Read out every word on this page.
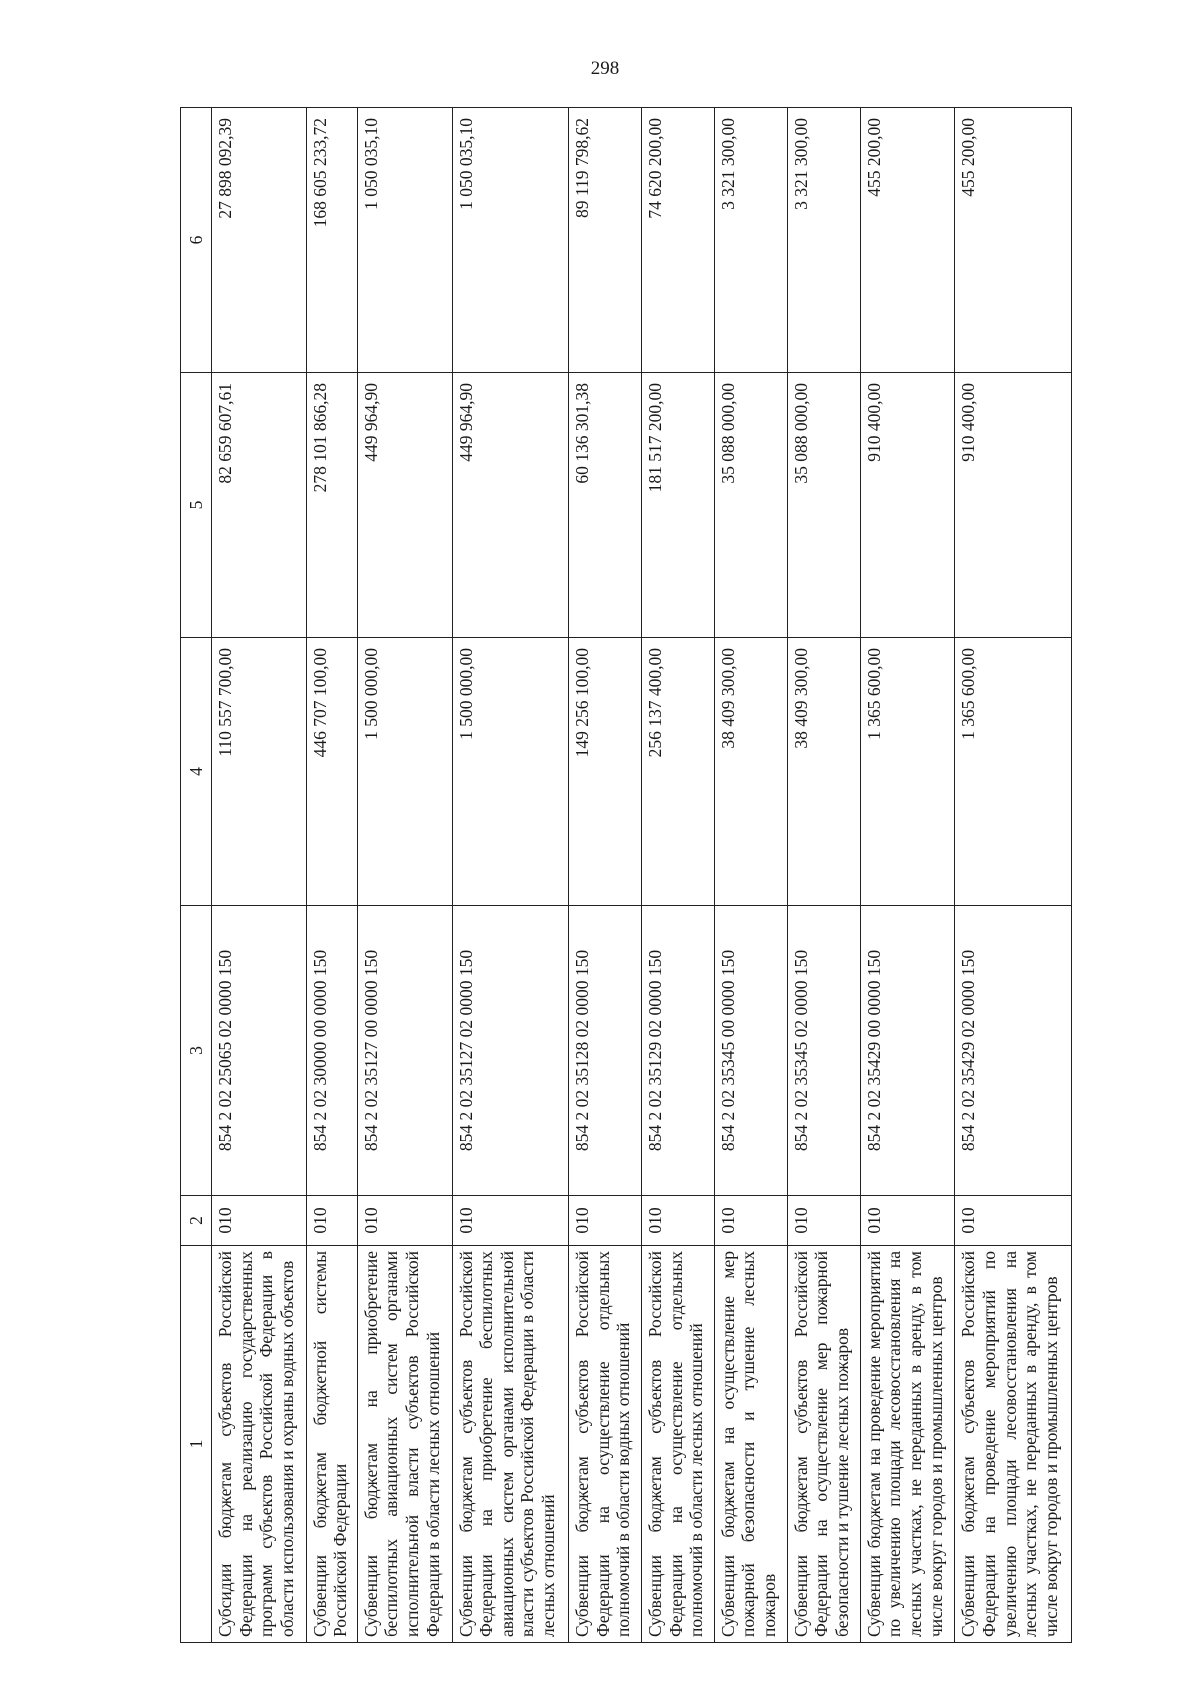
298
1	2	3	4	5	6
Субсидии бюджетам субъектов Российской Федерации на реализацию государственных программ субъектов Российской Федерации в области использования и охраны водных объектов	010	854 2 02 25065 02 0000 150	110 557 700,00	82 659 607,61	27 898 092,39
Субвенции бюджетам бюджетной системы Российской Федерации	010	854 2 02 30000 00 0000 150	446 707 100,00	278 101 866,28	168 605 233,72
Субвенции бюджетам на приобретение беспилотных авиационных систем органами исполнительной власти субъектов Российской Федерации в области лесных отношений	010	854 2 02 35127 00 0000 150	1 500 000,00	449 964,90	1 050 035,10
Субвенции бюджетам субъектов Российской Федерации на приобретение беспилотных авиационных систем органами исполнительной власти субъектов Российской Федерации в области лесных отношений	010	854 2 02 35127 02 0000 150	1 500 000,00	449 964,90	1 050 035,10
Субвенции бюджетам субъектов Российской Федерации на осуществление отдельных полномочий в области водных отношений	010	854 2 02 35128 02 0000 150	149 256 100,00	60 136 301,38	89 119 798,62
Субвенции бюджетам субъектов Российской Федерации на осуществление отдельных полномочий в области лесных отношений	010	854 2 02 35129 02 0000 150	256 137 400,00	181 517 200,00	74 620 200,00
Субвенции бюджетам на осуществление мер пожарной безопасности и тушение лесных пожаров	010	854 2 02 35345 00 0000 150	38 409 300,00	35 088 000,00	3 321 300,00
Субвенции бюджетам субъектов Российской Федерации на осуществление мер пожарной безопасности и тушение лесных пожаров	010	854 2 02 35345 02 0000 150	38 409 300,00	35 088 000,00	3 321 300,00
Субвенции бюджетам на проведение мероприятий по увеличению площади лесовосстановления на лесных участках, не переданных в аренду, в том числе вокруг городов и промышленных центров	010	854 2 02 35429 00 0000 150	1 365 600,00	910 400,00	455 200,00
Субвенции бюджетам субъектов Российской Федерации на проведение мероприятий по увеличению площади лесовосстановления на лесных участках, не переданных в аренду, в том числе вокруг городов и промышленных центров	010	854 2 02 35429 02 0000 150	1 365 600,00	910 400,00	455 200,00
